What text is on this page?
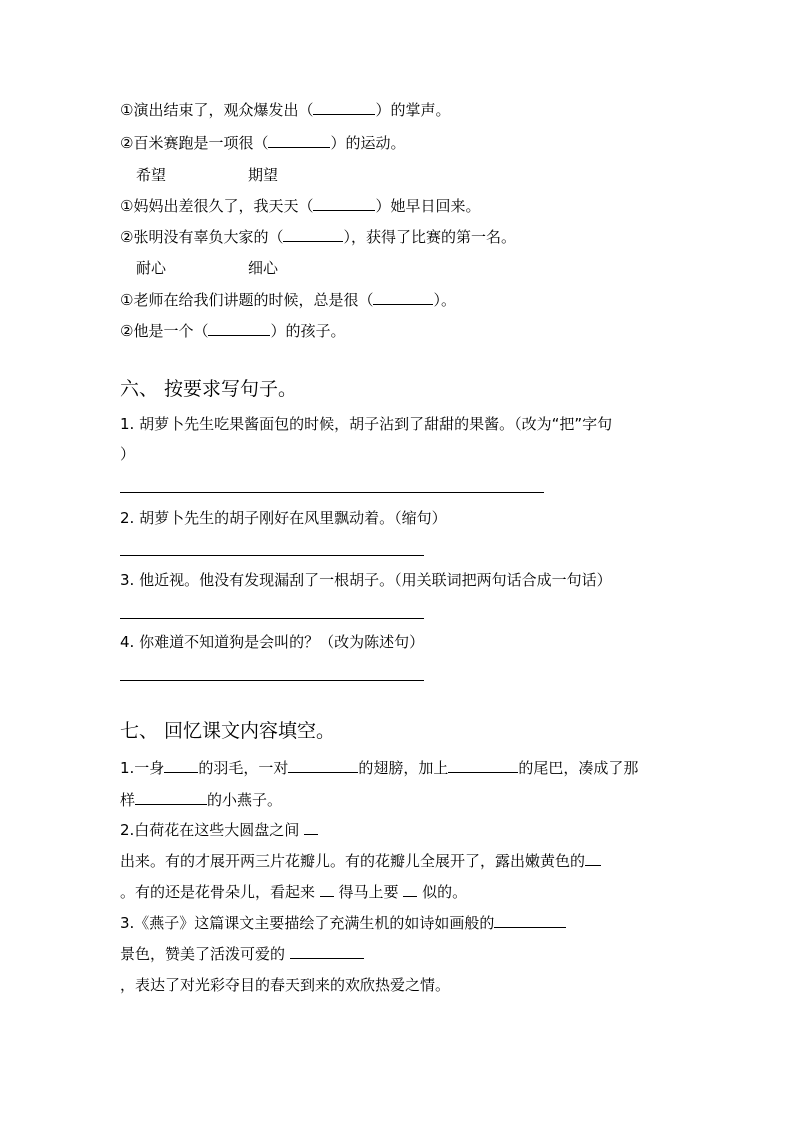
①演出结束了，观众爆发出（	）的掌声。
②百米赛跑是一项很（	）的运动。
希望	期望
①妈妈出差很久了，我天天（	）她早日回来。
②张明没有辜负大家的（	），获得了比赛的第一名。
耐心	细心
①老师在给我们讲题的时候，总是很（	）。
②他是一个（	）的孩子。
六、 按要求写句子。
1. 胡萝卜先生吃果酱面包的时候，胡子沾到了甜甜的果酱。（改为“把”字句
）
2. 胡萝卜先生的胡子刚好在风里飘动着。（缩句）
3. 他近视。他没有发现漏刮了一根胡子。（用关联词把两句话合成一句话）
4. 你难道不知道狗是会叫的？（改为陈述句）
七、 回忆课文内容填空。
1.一身 的羽毛，一对	的翅膀，加上	的尾巴，凑成了那
样	的小燕子。
2.白荷花在这些大圆盘之间
出来。有的才展开两三片花瓣儿。有的花瓣儿全展开了，露出嫩黄色的
。有的还是花骨朵儿，看起来  得马上要  似的。
3.《燕子》这篇课文主要描绘了充满生机的如诗如画般的
景色，赞美了活泼可爱的
，表达了对光彩夺目的春天到来的欢欣热爱之情。
